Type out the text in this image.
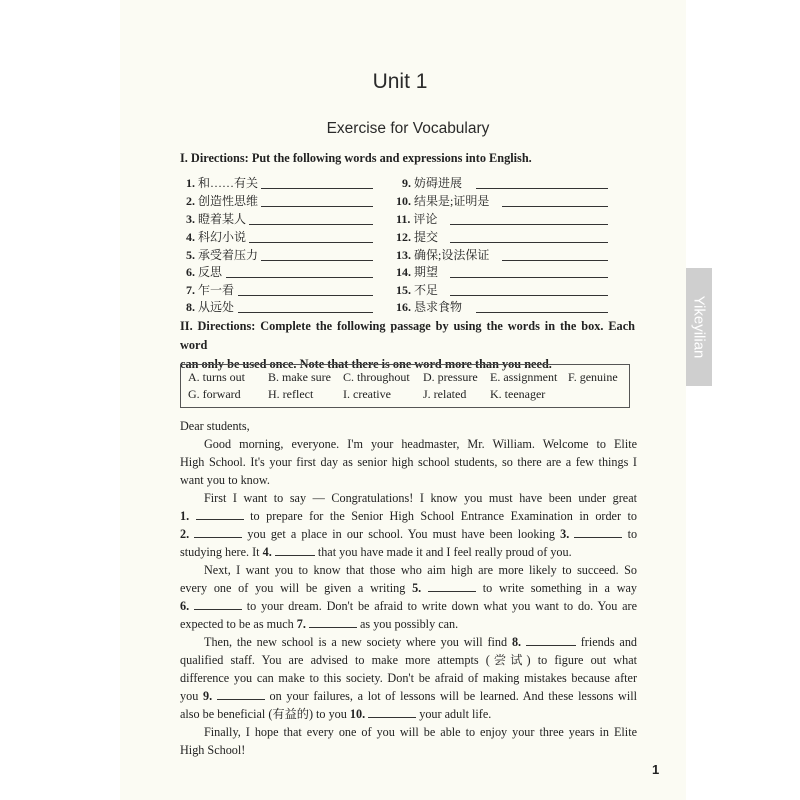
Yikeyilian
Unit 1
Exercise for Vocabulary
I. Directions: Put the following words and expressions into English.
1. 和……有关
2. 创造性思维
3. 瞪着某人
4. 科幻小说
5. 承受着压力
6. 反思
7. 乍一看
8. 从远处
9. 妨碍进展
10. 结果是;证明是
11. 评论
12. 提交
13. 确保;设法保证
14. 期望
15. 不足
16. 恳求食物

II. Directions: Complete the following passage by using the words in the box. Each word

can only be used once. Note that there is one word more than you need.

A. turns out B. make sure C. throughout D. pressure E. assignment F. genuine
G. forward H. reflect I. creative	J. related K. teenager

Dear students,

Good morning, everyone. I'm your headmaster, Mr. William. Welcome to Elite

High School. It's your first day as senior high school students, so there are a few things I

want you to know.

First I want to say — Congratulations! I know you must have been under great

1.	to prepare for the Senior High School Entrance Examination in order to

2.	you get a place in our school. You must have been looking 3.	to

studying here. It 4.	that you have made it and I feel really proud of you.

Next, I want you to know that those who aim high are more likely to succeed. So

every one of you will be given a writing 5.	to write something in a way

6.	to your dream. Don't be afraid to write down what you want to do. You are

expected to be as much 7.	as you possibly can.

Then, the new school is a new society where you will find 8.	friends and

qualified staff. You are advised to make more attempts (尝试) to figure out what

difference you can make to this society. Don't be afraid of making mistakes because after

you 9.	on your failures, a lot of lessons will be learned. And these lessons will

also be beneficial (有益的) to you 10.	your adult life.

Finally, I hope that every one of you will be able to enjoy your three years in Elite

High School!

1
